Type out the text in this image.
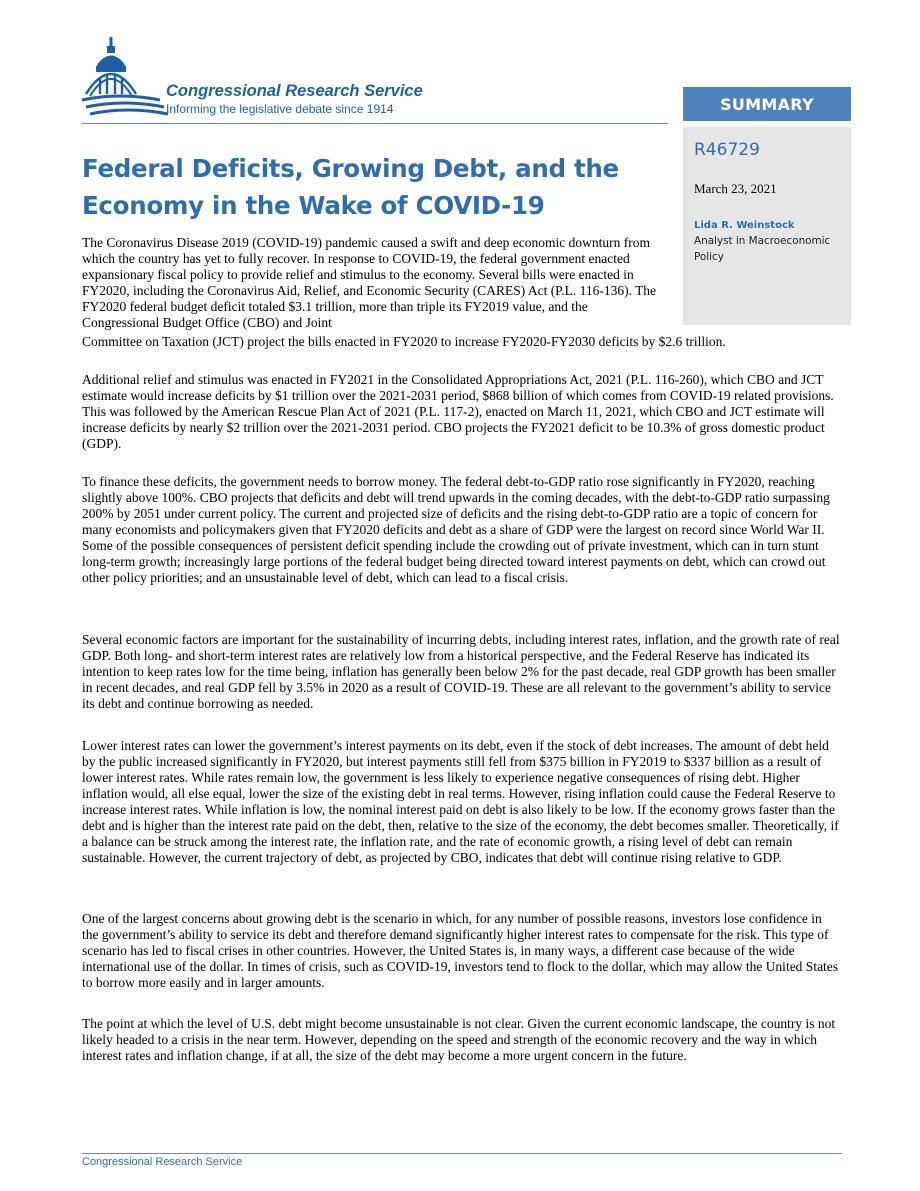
Congressional Research Service
Informing the legislative debate since 1914	SUMMARY
R46729
March 23, 2021
Lida R. Weinstock
Analyst in Macroeconomic Policy
Federal Deficits, Growing Debt, and the Economy in the Wake of COVID-19

The Coronavirus Disease 2019 (COVID-19) pandemic caused a swift and deep economic downturn from which the country has yet to fully recover. In response to COVID-19, the federal government enacted expansionary fiscal policy to provide relief and stimulus to the economy. Several bills were enacted in FY2020, including the Coronavirus Aid, Relief, and Economic Security (CARES) Act (P.L. 116-136). The FY2020 federal budget deficit totaled $3.1 trillion, more than triple its FY2019 value, and the Congressional Budget Office (CBO) and Joint

Committee on Taxation (JCT) project the bills enacted in FY2020 to increase FY2020-FY2030 deficits by $2.6 trillion.

Additional relief and stimulus was enacted in FY2021 in the Consolidated Appropriations Act, 2021 (P.L. 116-260), which CBO and JCT estimate would increase deficits by $1 trillion over the 2021-2031 period, $868 billion of which comes from COVID-19 related provisions. This was followed by the American Rescue Plan Act of 2021 (P.L. 117-2), enacted on March 11, 2021, which CBO and JCT estimate will increase deficits by nearly $2 trillion over the 2021-2031 period. CBO projects the FY2021 deficit to be 10.3% of gross domestic product (GDP).

To finance these deficits, the government needs to borrow money. The federal debt-to-GDP ratio rose significantly in FY2020, reaching slightly above 100%. CBO projects that deficits and debt will trend upwards in the coming decades, with the debt-to-GDP ratio surpassing 200% by 2051 under current policy. The current and projected size of deficits and the rising debt-to-GDP ratio are a topic of concern for many economists and policymakers given that FY2020 deficits and debt as a share of GDP were the largest on record since World War II. Some of the possible consequences of persistent deficit spending include the crowding out of private investment, which can in turn stunt long-term growth; increasingly large portions of the federal budget being directed toward interest payments on debt, which can crowd out other policy priorities; and an unsustainable level of debt, which can lead to a fiscal crisis.

Several economic factors are important for the sustainability of incurring debts, including interest rates, inflation, and the growth rate of real GDP. Both long- and short-term interest rates are relatively low from a historical perspective, and the Federal Reserve has indicated its intention to keep rates low for the time being, inflation has generally been below 2% for the past decade, real GDP growth has been smaller in recent decades, and real GDP fell by 3.5% in 2020 as a result of COVID-19. These are all relevant to the government’s ability to service its debt and continue borrowing as needed.

Lower interest rates can lower the government’s interest payments on its debt, even if the stock of debt increases. The amount of debt held by the public increased significantly in FY2020, but interest payments still fell from $375 billion in FY2019 to $337 billion as a result of lower interest rates. While rates remain low, the government is less likely to experience negative consequences of rising debt. Higher inflation would, all else equal, lower the size of the existing debt in real terms. However, rising inflation could cause the Federal Reserve to increase interest rates. While inflation is low, the nominal interest paid on debt is also likely to be low. If the economy grows faster than the debt and is higher than the interest rate paid on the debt, then, relative to the size of the economy, the debt becomes smaller. Theoretically, if a balance can be struck among the interest rate, the inflation rate, and the rate of economic growth, a rising level of debt can remain sustainable. However, the current trajectory of debt, as projected by CBO, indicates that debt will continue rising relative to GDP.

One of the largest concerns about growing debt is the scenario in which, for any number of possible reasons, investors lose confidence in the government’s ability to service its debt and therefore demand significantly higher interest rates to compensate for the risk. This type of scenario has led to fiscal crises in other countries. However, the United States is, in many ways, a different case because of the wide international use of the dollar. In times of crisis, such as COVID-19, investors tend to flock to the dollar, which may allow the United States to borrow more easily and in larger amounts.

The point at which the level of U.S. debt might become unsustainable is not clear. Given the current economic landscape, the country is not likely headed to a crisis in the near term. However, depending on the speed and strength of the economic recovery and the way in which interest rates and inflation change, if at all, the size of the debt may become a more urgent concern in the future.

Congressional Research Service
